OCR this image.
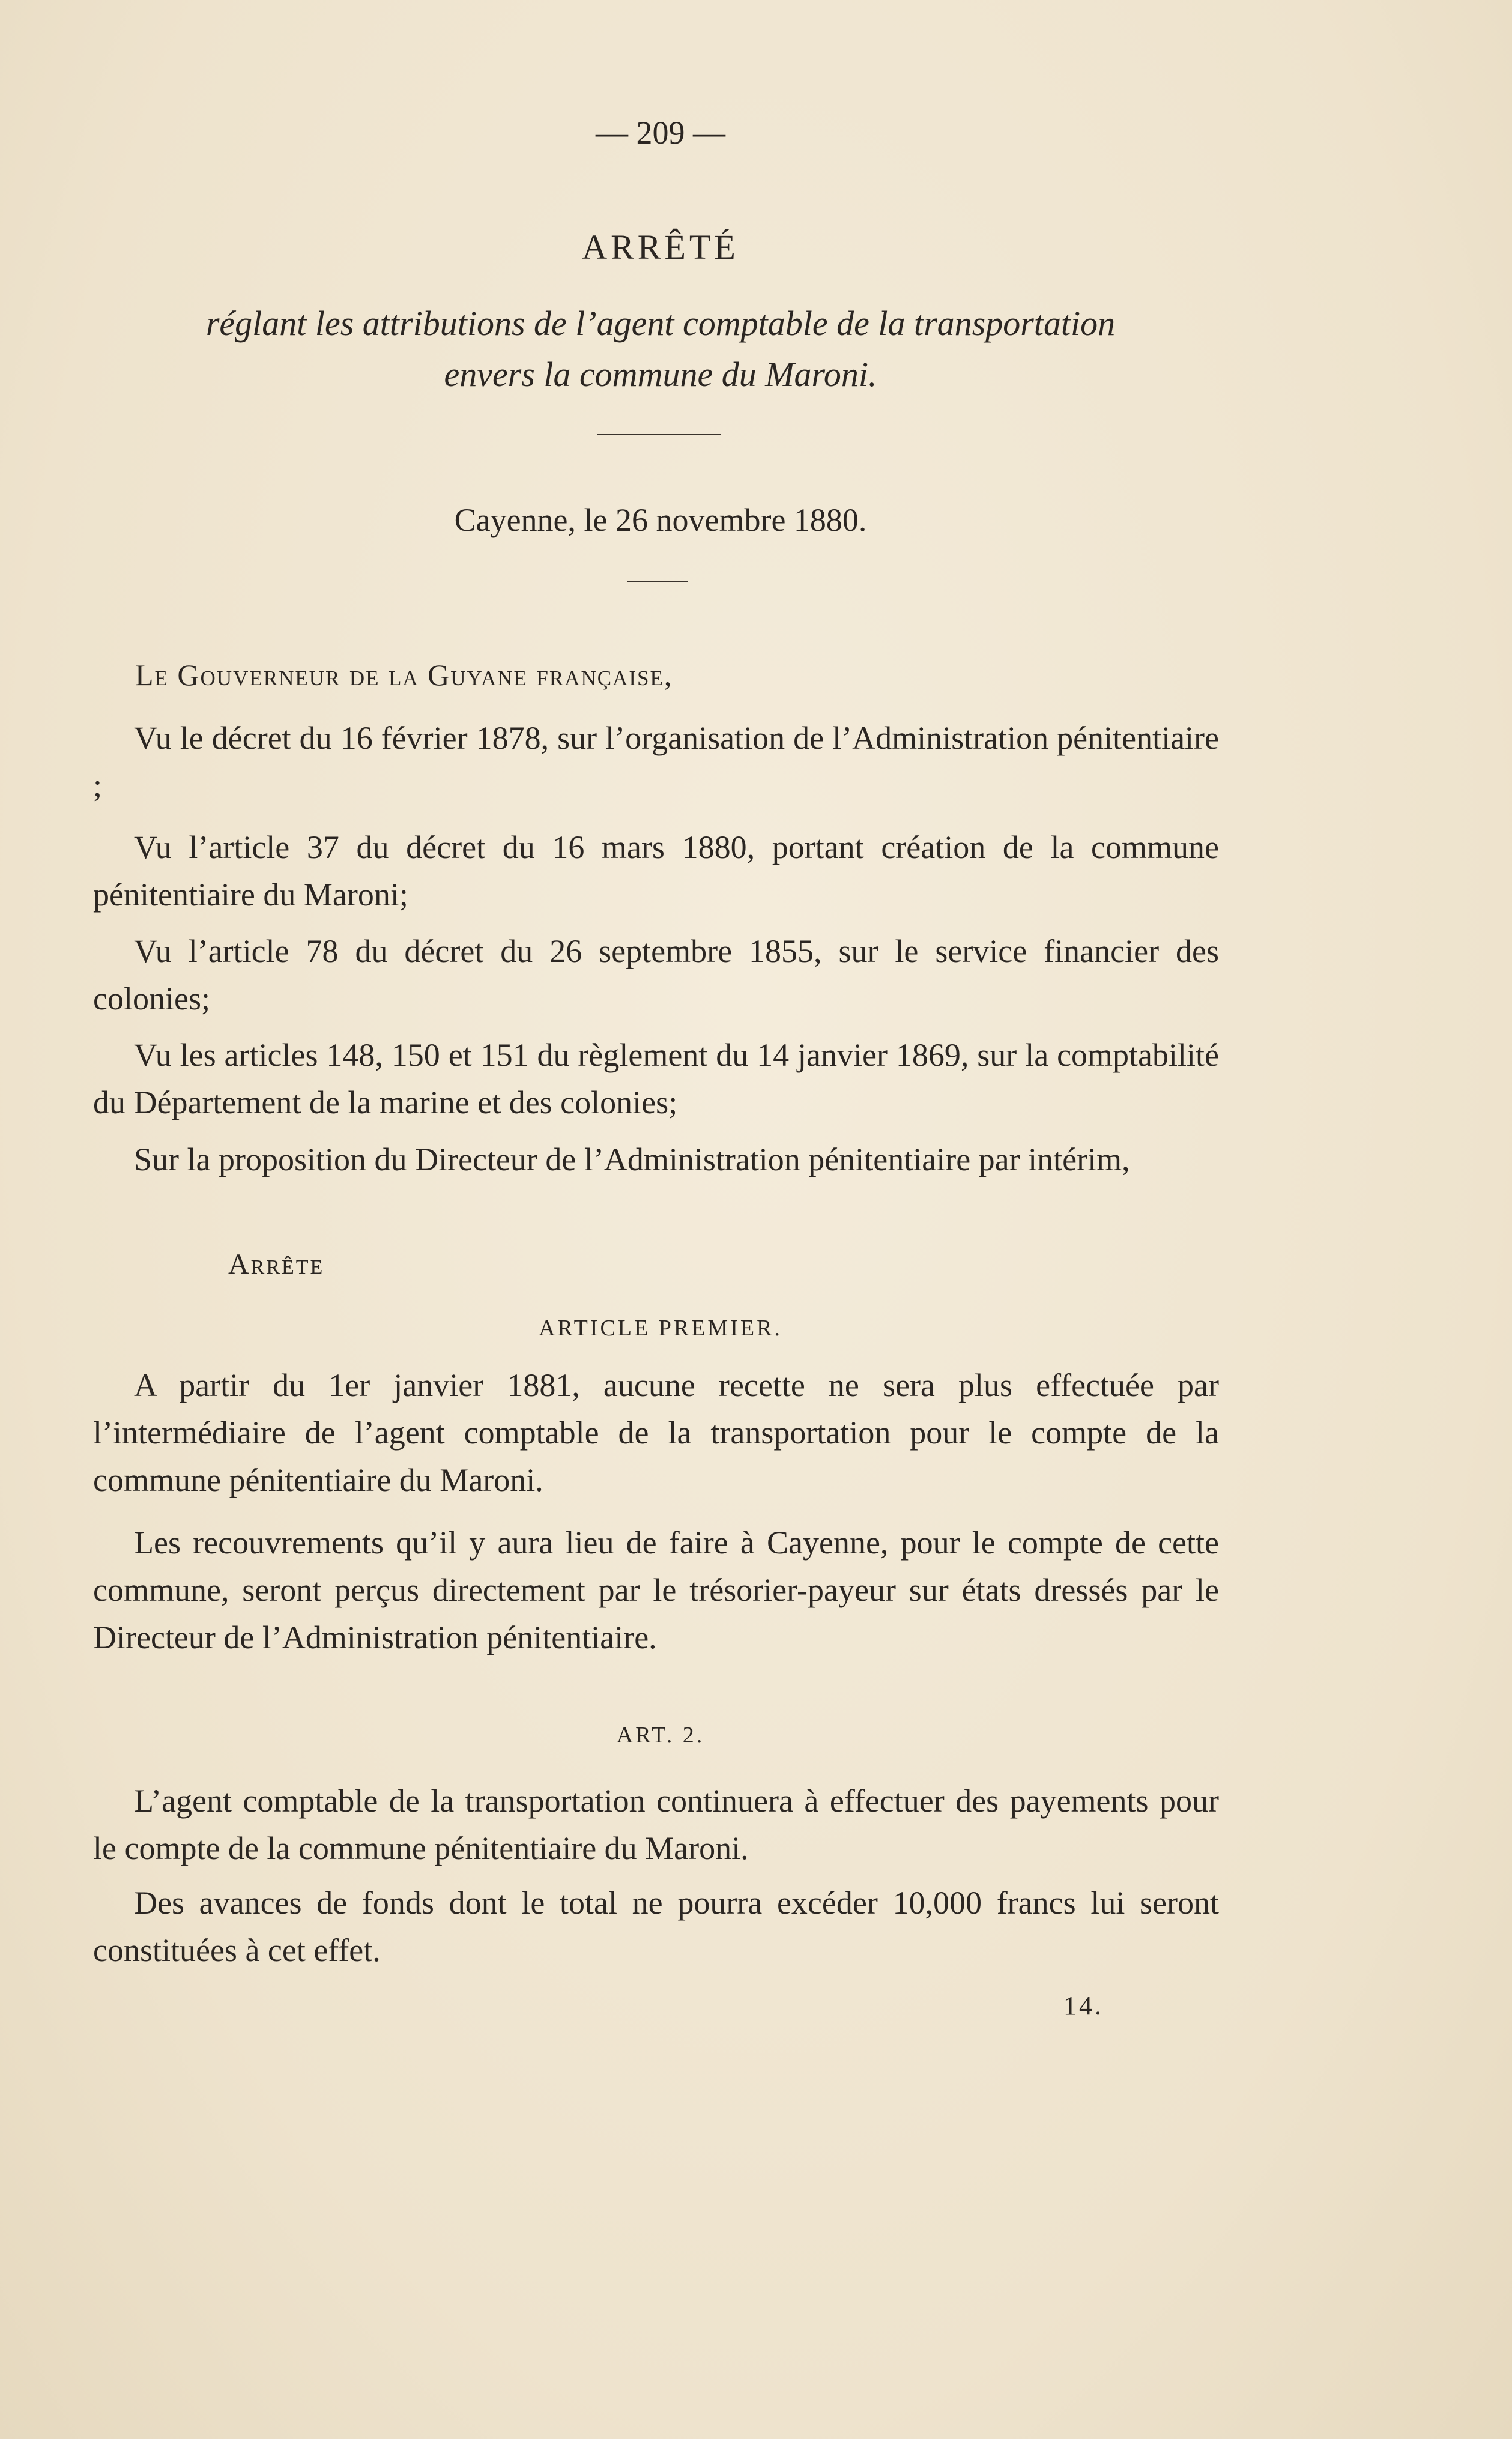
— 209 —
ARRÊTÉ
réglant les attributions de l’agent comptable de la transportation
envers la commune du Maroni.
Cayenne, le 26 novembre 1880.
Le Gouverneur de la Guyane française,
Vu le décret du 16 février 1878, sur l’organisation de l’Administration pénitentiaire ;
Vu l’article 37 du décret du 16 mars 1880, portant création de la commune pénitentiaire du Maroni;
Vu l’article 78 du décret du 26 septembre 1855, sur le service financier des colonies;
Vu les articles 148, 150 et 151 du règlement du 14 janvier 1869, sur la comptabilité du Département de la marine et des colonies;
Sur la proposition du Directeur de l’Administration pénitentiaire par intérim,
Arrête
ARTICLE PREMIER.
A partir du 1er janvier 1881, aucune recette ne sera plus effectuée par l’intermédiaire de l’agent comptable de la transportation pour le compte de la commune pénitentiaire du Maroni.
Les recouvrements qu’il y aura lieu de faire à Cayenne, pour le compte de cette commune, seront perçus directement par le trésorier-payeur sur états dressés par le Directeur de l’Administration pénitentiaire.
ART. 2.
L’agent comptable de la transportation continuera à effectuer des payements pour le compte de la commune pénitentiaire du Maroni.
Des avances de fonds dont le total ne pourra excéder 10,000 francs lui seront constituées à cet effet.
14.
